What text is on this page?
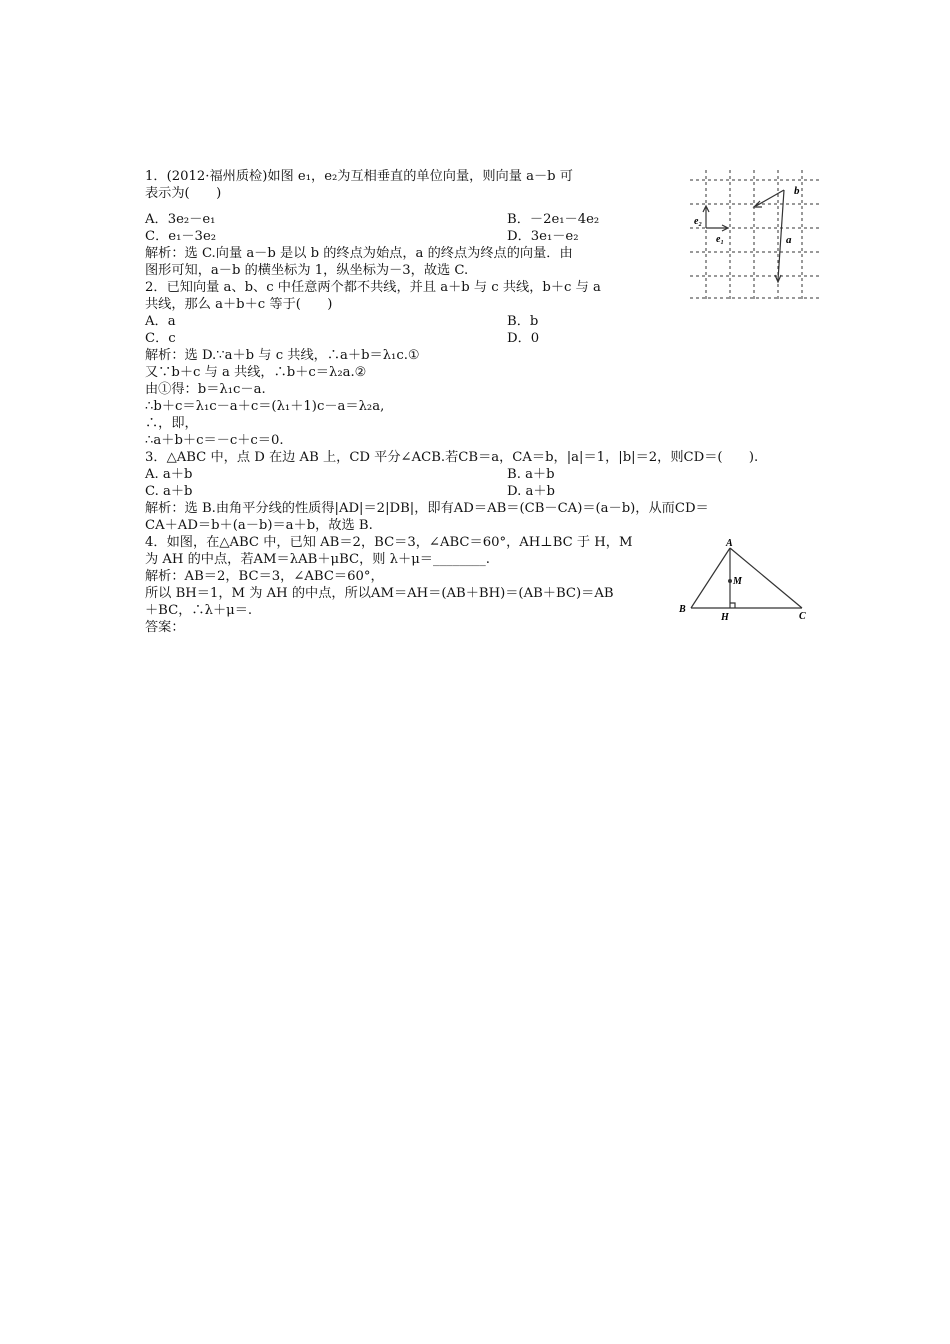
1．(2012·福州质检)如图 e₁，e₂为互相垂直的单位向量，则向量 a－b 可
表示为(　　)
A．3e₂－e₁	B．－2e₁－4e₂
C．e₁－3e₂	D．3e₁－e₂
解析：选 C.向量 a－b 是以 b 的终点为始点，a 的终点为终点的向量．由
图形可知，a－b 的横坐标为 1，纵坐标为－3，故选 C.
2．已知向量 a、b、c 中任意两个都不共线，并且 a＋b 与 c 共线，b＋c 与 a
共线，那么 a＋b＋c 等于(　　)
A．a	B．b
C．c	D．0
解析：选 D.∵a＋b 与 c 共线，∴a＋b＝λ₁c.①
又∵b＋c 与 a 共线，∴b＋c＝λ₂a.②
由①得：b＝λ₁c－a.
∴b＋c＝λ₁c－a＋c＝(λ₁＋1)c－a＝λ₂a,
∴，即，
∴a＋b＋c＝－c＋c＝0.
3．△ABC 中，点 D 在边 AB 上，CD 平分∠ACB.若CB＝a，CA＝b，|a|＝1，|b|＝2，则CD＝(　　).
A. a＋b	B. a＋b
C. a＋b	D. a＋b
解析：选 B.由角平分线的性质得|AD|＝2|DB|，即有AD＝AB＝(CB－CA)＝(a－b)，从而CD＝
CA＋AD＝b＋(a－b)＝a＋b，故选 B.
4．如图，在△ABC 中，已知 AB＝2，BC＝3，∠ABC＝60°，AH⊥BC 于 H，M
为 AH 的中点，若AM＝λAB＋μBC，则 λ＋μ＝________.
解析：AB＝2，BC＝3，∠ABC＝60°，
所以 BH＝1，M 为 AH 的中点，所以AM＝AH＝(AB＋BH)＝(AB＋BC)＝AB
＋BC，∴λ＋μ＝.
答案：
b
a
e₂
e₁
A
M
B
H	C
